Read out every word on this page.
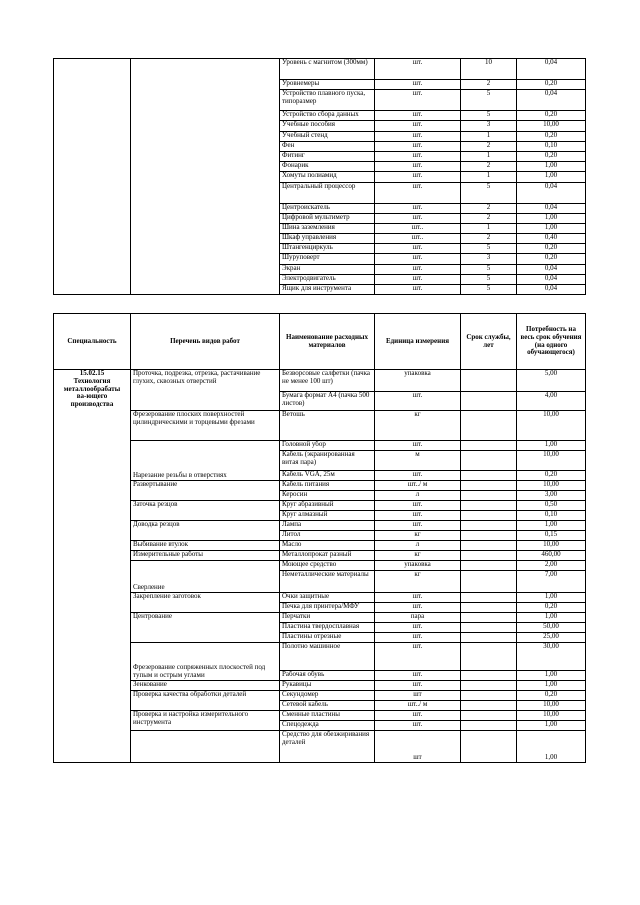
		Уровень с магнитом (300мм)	шт.	10	0,04
		Уровнемеры	шт.	2	0,20
		Устройство плавного пуска, типоразмер	шт.	5	0,04
		Устройство сбора данных	шт.	5	0,20
		Учебные пособия	шт.	3	10,00
		Учебный стенд	шт.	1	0,20
		Фен	шт.	2	0,10
		Фитинг	шт.	1	0,20
		Фонарик	шт.	2	1,00
		Хомуты полиамид	шт.	1	1,00
		Центральный процессор	шт.	5	0,04
		Центроискатель	шт.	2	0,04
		Цифровой мультиметр	шт.	2	1,00
		Шина заземления	шт..	1	1,00
		Шкаф управления	шт..	2	0,40
		Штангенциркуль	шт.	5	0,20
		Шуруповерт	шт.	3	0,20
		Экран	шт.	5	0,04
		Электродвигатель	шт.	5	0,04
		Ящик для инструмента	шт.	5	0,04
Специальность	Перечень видов работ	Наименование расходных материалов	Единица измерения	Срок службы, лет	Потребность на весь срок обучения (на одного обучающегося)

15.02.15
Технология
металлообрабаты
ва-ющего
производства	Проточка, подрезка, отрезка, растачивание глухих, сквозных отверстий	Безворсовые салфетки (пачка не менее 100 шт)	упаковка		5,00
		Бумага формат А4 (пачка 500 листов)	шт.		4,00
	Фрезерование плоских поверхностей цилиндрическими и торцевыми фрезами	Ветошь	кг		10,00
	Нарезание резьбы в отверстиях	Головной убор	шт.		1,00
		Кабель (экранированная витая пара)	м		10,00
		Кабель VGA, 25м	шт.		0,20
	Развертывание	Кабель питания	шт../ м		10,00
		Керосин	л		3,00
	Заточка резцов	Круг абразивный	шт.		0,50
		Круг алмазный	шт.		0,10
	Доводка резцов	Лампа	шт.		1,00
		Литол	кг		0,15
	Выбивание втулок	Масло	л		10,00
	Измерительные работы	Металлопрокат разный	кг		460,00
	Сверление	Моющее средство	упаковка		2,00
		Неметаллические материалы	кг		7,00
	Закрепление заготовок	Очки защитные	шт.		1,00
		Печка для принтера/МФУ	шт.		0,20
	Центрование	Перчатки	пара		1,00
		Пластина твердосплавная	шт.		50,00
		Пластины отрезные	шт.		25,00
	Фрезерование сопряженных плоскостей под тупым и острым углами	Полотно машинное	шт.		30,00
		Рабочая обувь	шт.		1,00
	Зенкование	Рукавицы	шт.		1,00
	Проверка качества обработки деталей	Секундомер	шт		0,20
		Сетевой кабель	шт../ м		10,00
	Проверка и настройка измерительного инструмента	Сменные пластины	шт.		10,00
		Спецодежда	шт.		1,00
		Средство для обезжиривания деталей	шт		1,00
